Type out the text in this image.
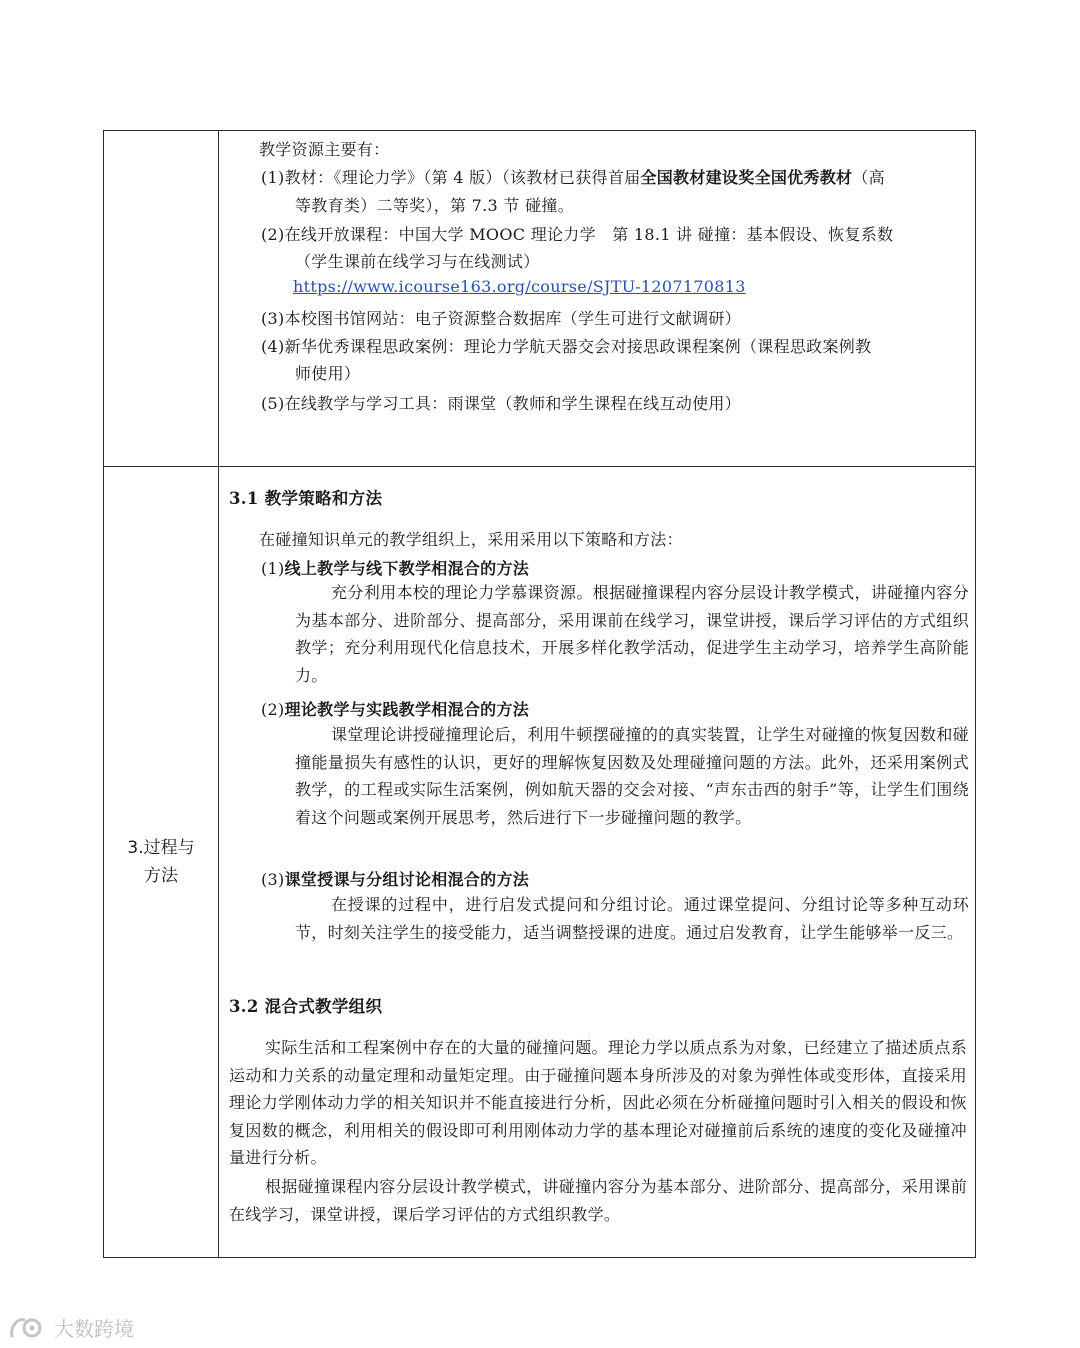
教学资源主要有：
(1)教材：《理论力学》（第 4 版）（该教材已获得首届全国教材建设奖全国优秀教材（高
等教育类）二等奖），第 7.3 节 碰撞。
(2)在线开放课程：中国大学 MOOC 理论力学　第 18.1 讲 碰撞：基本假设、恢复系数
（学生课前在线学习与在线测试）
https://www.icourse163.org/course/SJTU-1207170813
(3)本校图书馆网站：电子资源整合数据库（学生可进行文献调研）
(4)新华优秀课程思政案例：理论力学航天器交会对接思政课程案例（课程思政案例教
师使用）
(5)在线教学与学习工具：雨课堂（教师和学生课程在线互动使用）
3.过程与
方法
3.1 教学策略和方法
在碰撞知识单元的教学组织上，采用采用以下策略和方法：
(1)线上教学与线下教学相混合的方法
充分利用本校的理论力学慕课资源。根据碰撞课程内容分层设计教学模式，讲碰撞内容分为基本部分、进阶部分、提高部分，采用课前在线学习，课堂讲授，课后学习评估的方式组织教学；充分利用现代化信息技术，开展多样化教学活动，促进学生主动学习，培养学生高阶能力。
(2)理论教学与实践教学相混合的方法
课堂理论讲授碰撞理论后，利用牛顿摆碰撞的的真实装置，让学生对碰撞的恢复因数和碰撞能量损失有感性的认识，更好的理解恢复因数及处理碰撞问题的方法。此外，还采用案例式教学，的工程或实际生活案例，例如航天器的交会对接、“声东击西的射手”等，让学生们围绕着这个问题或案例开展思考，然后进行下一步碰撞问题的教学。
(3)课堂授课与分组讨论相混合的方法
在授课的过程中，进行启发式提问和分组讨论。通过课堂提问、分组讨论等多种互动环节，时刻关注学生的接受能力，适当调整授课的进度。通过启发教育，让学生能够举一反三。
3.2 混合式教学组织
实际生活和工程案例中存在的大量的碰撞问题。理论力学以质点系为对象，已经建立了描述质点系运动和力关系的动量定理和动量矩定理。由于碰撞问题本身所涉及的对象为弹性体或变形体，直接采用理论力学刚体动力学的相关知识并不能直接进行分析，因此必须在分析碰撞问题时引入相关的假设和恢复因数的概念，利用相关的假设即可利用刚体动力学的基本理论对碰撞前后系统的速度的变化及碰撞冲量进行分析。
根据碰撞课程内容分层设计教学模式，讲碰撞内容分为基本部分、进阶部分、提高部分，采用课前在线学习，课堂讲授，课后学习评估的方式组织教学。
大数跨境
